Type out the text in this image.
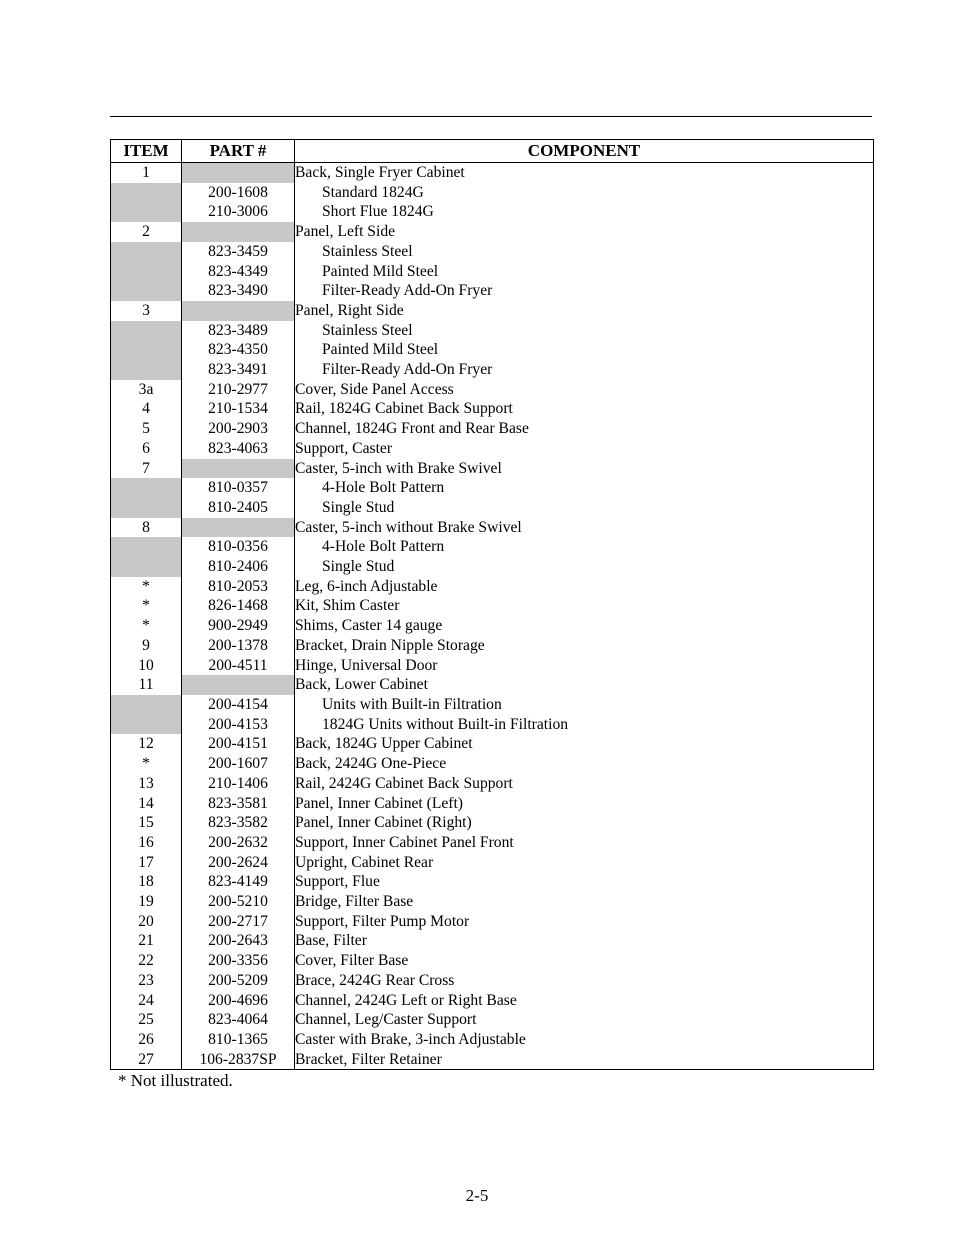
ITEM	PART #	COMPONENT
1		Back, Single Fryer Cabinet
	200-1608	Standard 1824G
	210-3006	Short Flue 1824G
2		Panel, Left Side
	823-3459	Stainless Steel
	823-4349	Painted Mild Steel
	823-3490	Filter-Ready Add-On Fryer
3		Panel, Right Side
	823-3489	Stainless Steel
	823-4350	Painted Mild Steel
	823-3491	Filter-Ready Add-On Fryer
3a	210-2977	Cover, Side Panel Access
4	210-1534	Rail, 1824G Cabinet Back Support
5	200-2903	Channel, 1824G Front and Rear Base
6	823-4063	Support, Caster
7		Caster, 5-inch with Brake Swivel
	810-0357	4-Hole Bolt Pattern
	810-2405	Single Stud
8		Caster, 5-inch without Brake Swivel
	810-0356	4-Hole Bolt Pattern
	810-2406	Single Stud
*	810-2053	Leg, 6-inch Adjustable
*	826-1468	Kit, Shim Caster
*	900-2949	Shims, Caster 14 gauge
9	200-1378	Bracket, Drain Nipple Storage
10	200-4511	Hinge, Universal Door
11		Back, Lower Cabinet
	200-4154	Units with Built-in Filtration
	200-4153	1824G Units without Built-in Filtration
12	200-4151	Back, 1824G Upper Cabinet
*	200-1607	Back, 2424G One-Piece
13	210-1406	Rail, 2424G Cabinet Back Support
14	823-3581	Panel, Inner Cabinet (Left)
15	823-3582	Panel, Inner Cabinet (Right)
16	200-2632	Support, Inner Cabinet Panel Front
17	200-2624	Upright, Cabinet Rear
18	823-4149	Support, Flue
19	200-5210	Bridge, Filter Base
20	200-2717	Support, Filter Pump Motor
21	200-2643	Base, Filter
22	200-3356	Cover, Filter Base
23	200-5209	Brace, 2424G Rear Cross
24	200-4696	Channel, 2424G Left or Right Base
25	823-4064	Channel, Leg/Caster Support
26	810-1365	Caster with Brake, 3-inch Adjustable
27	106-2837SP	Bracket, Filter Retainer
* Not illustrated.
2-5
